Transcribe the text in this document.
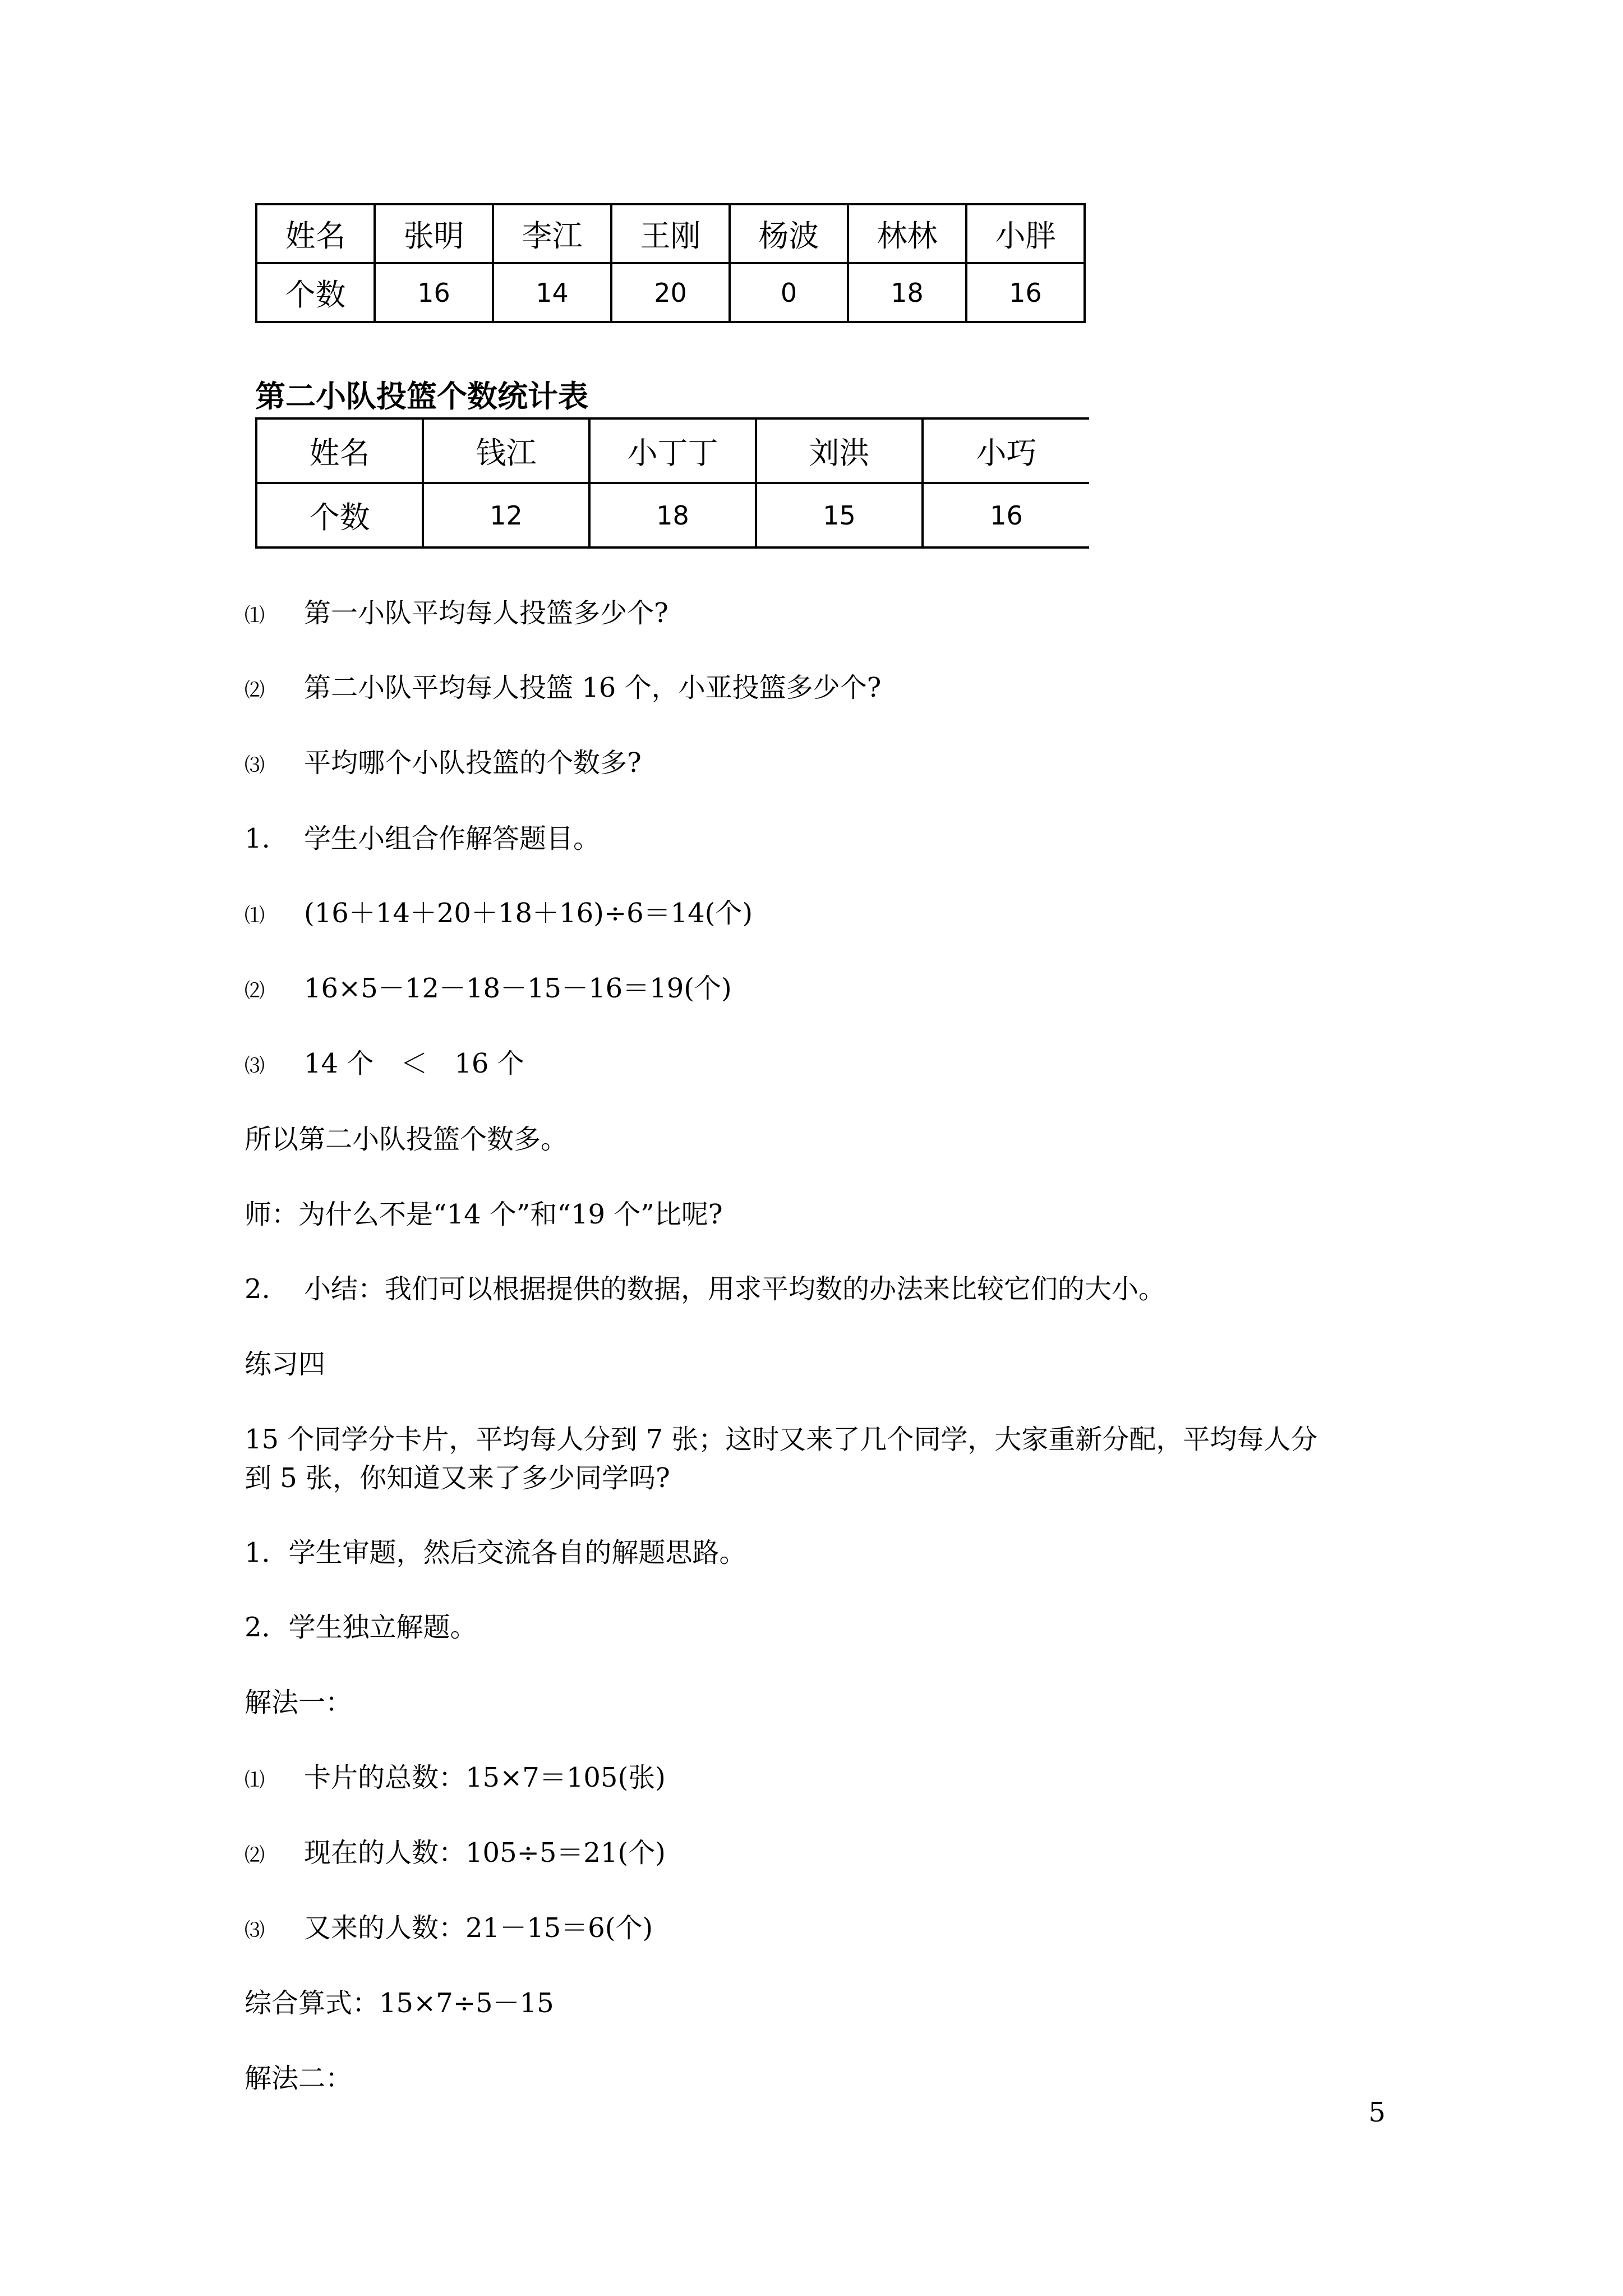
姓名	张明	李江	王刚	杨波	林林	小胖
个数	16	14	20	0	18	16
第二小队投篮个数统计表
姓名	钱江	小丁丁	刘洪	小巧
个数	12	18	15	16
⑴ 第一小队平均每人投篮多少个?
⑵ 第二小队平均每人投篮 16 个，小亚投篮多少个?
⑶ 平均哪个小队投篮的个数多?
1. 学生小组合作解答题目。
⑴ (16＋14＋20＋18＋16)÷6＝14(个)
⑵ 16×5－12－18－15－16＝19(个)
⑶ 14 个　＜　16 个
所以第二小队投篮个数多。
师：为什么不是“14 个”和“19 个”比呢?
2. 小结：我们可以根据提供的数据，用求平均数的办法来比较它们的大小。
练习四
15 个同学分卡片，平均每人分到 7 张；这时又来了几个同学，大家重新分配，平均每人分
到 5 张，你知道又来了多少同学吗?
1．学生审题，然后交流各自的解题思路。
2．学生独立解题。
解法一：
⑴ 卡片的总数：15×7＝105(张)
⑵ 现在的人数：105÷5＝21(个)
⑶ 又来的人数：21－15＝6(个)
综合算式：15×7÷5－15
解法二：
5
